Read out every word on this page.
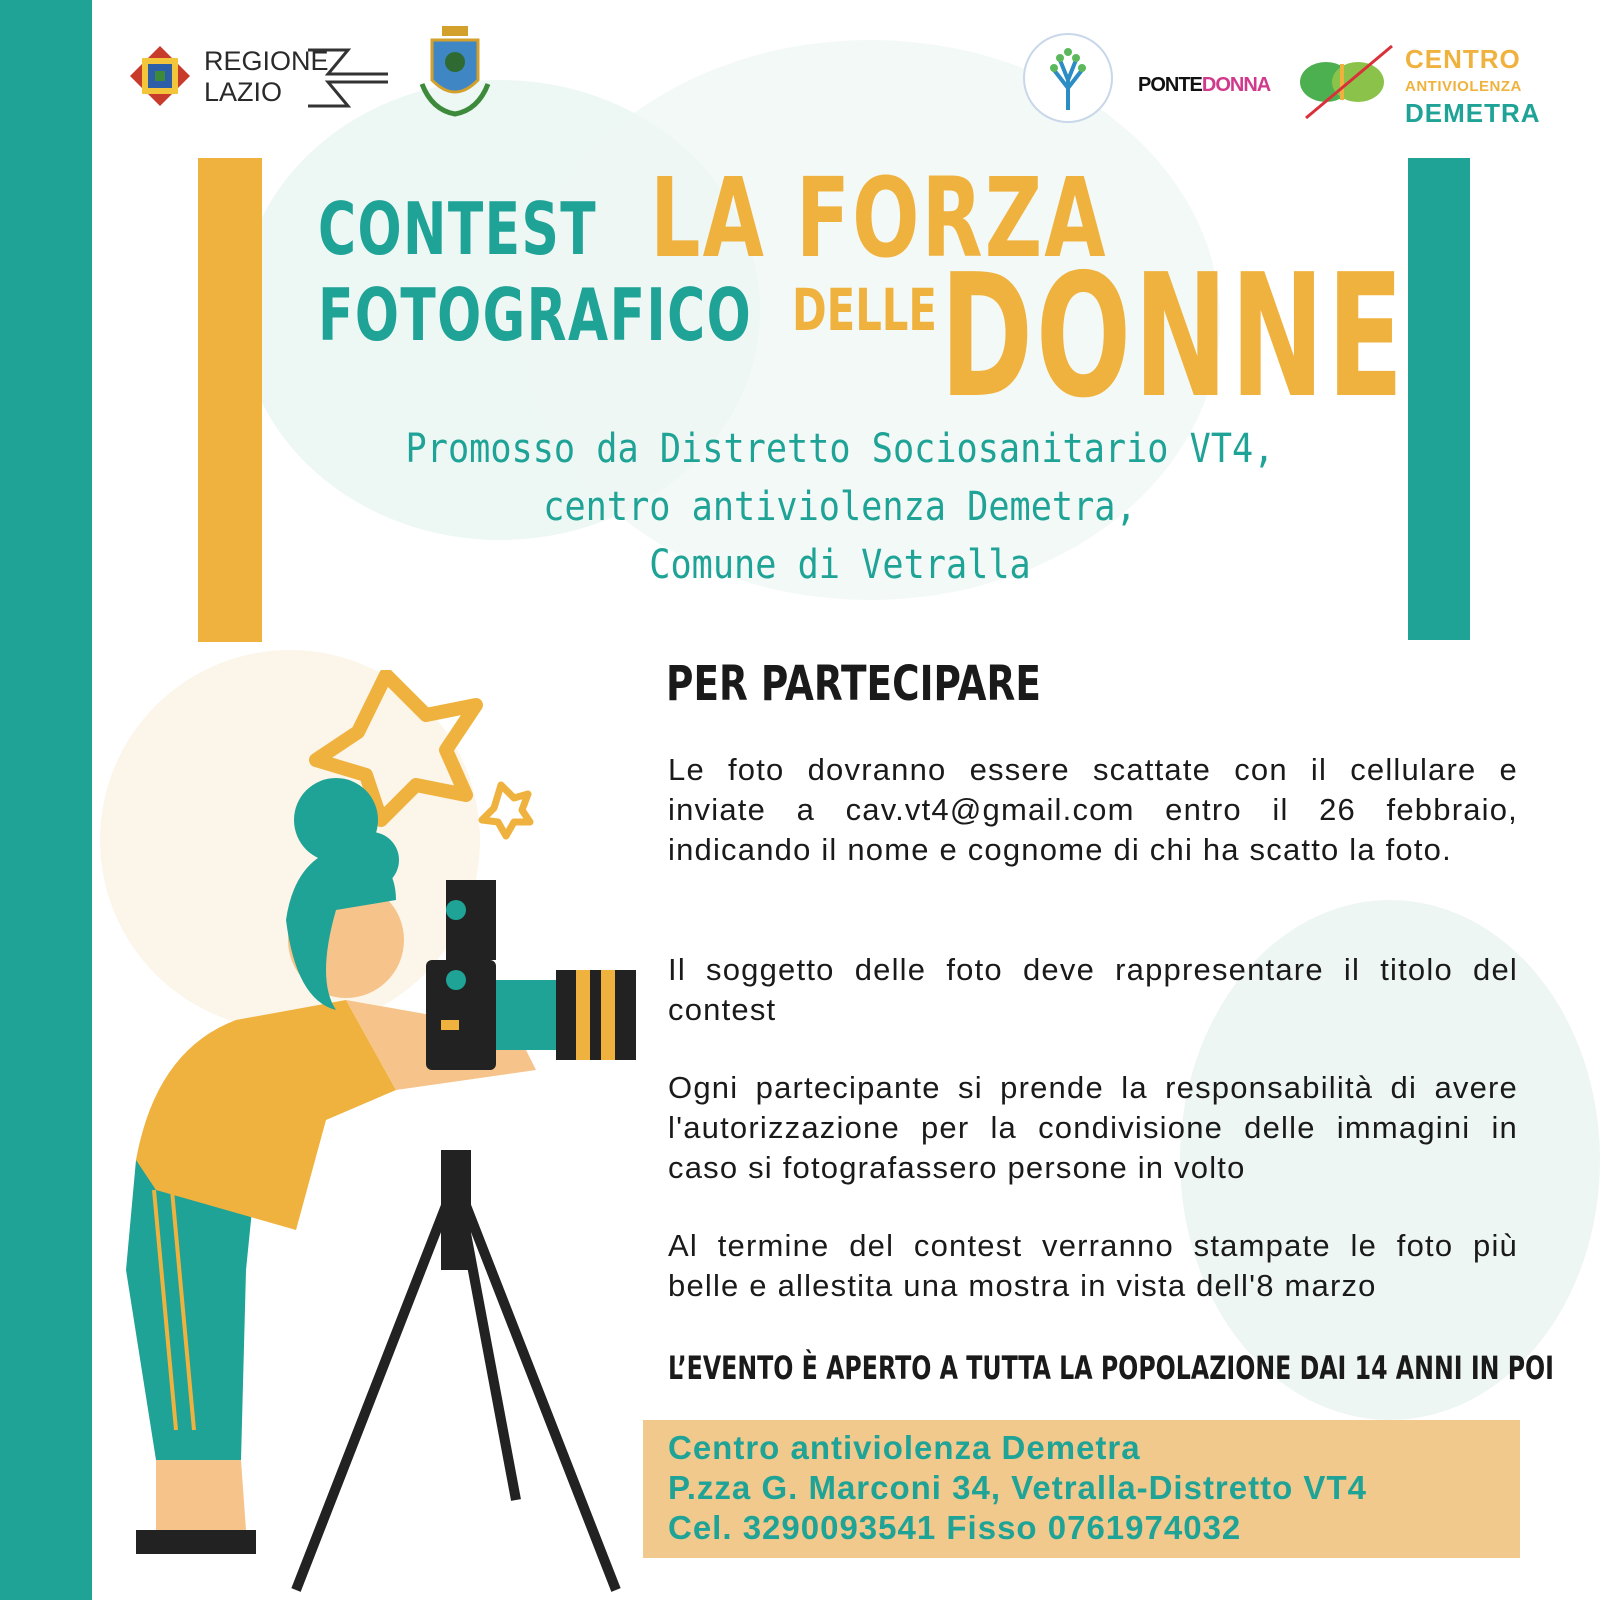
REGIONE
LAZIO	PONTEDONNA
CENTRO
ANTIVIOLENZA
DEMETRA
CONTEST
FOTOGRAFICO
LA FORZA
DELLE DONNE
Promosso da Distretto Sociosanitario VT4,
centro antiviolenza Demetra,
Comune di Vetralla
PER PARTECIPARE
Le foto dovranno essere scattate con il cellulare e inviate a cav.vt4@gmail.com entro il 26 febbraio, indicando il nome e cognome di chi ha scatto la foto.
Il soggetto delle foto deve rappresentare il titolo del contest
Ogni partecipante si prende la responsabilità di avere l'autorizzazione per la condivisione delle immagini in caso si fotografassero persone in volto
Al termine del contest verranno stampate le foto più belle e allestita una mostra in vista dell'8 marzo
L’EVENTO È APERTO A TUTTA LA POPOLAZIONE DAI 14 ANNI IN POI
Centro antiviolenza Demetra
P.zza G. Marconi 34, Vetralla-Distretto VT4
Cel. 3290093541 Fisso 0761974032
